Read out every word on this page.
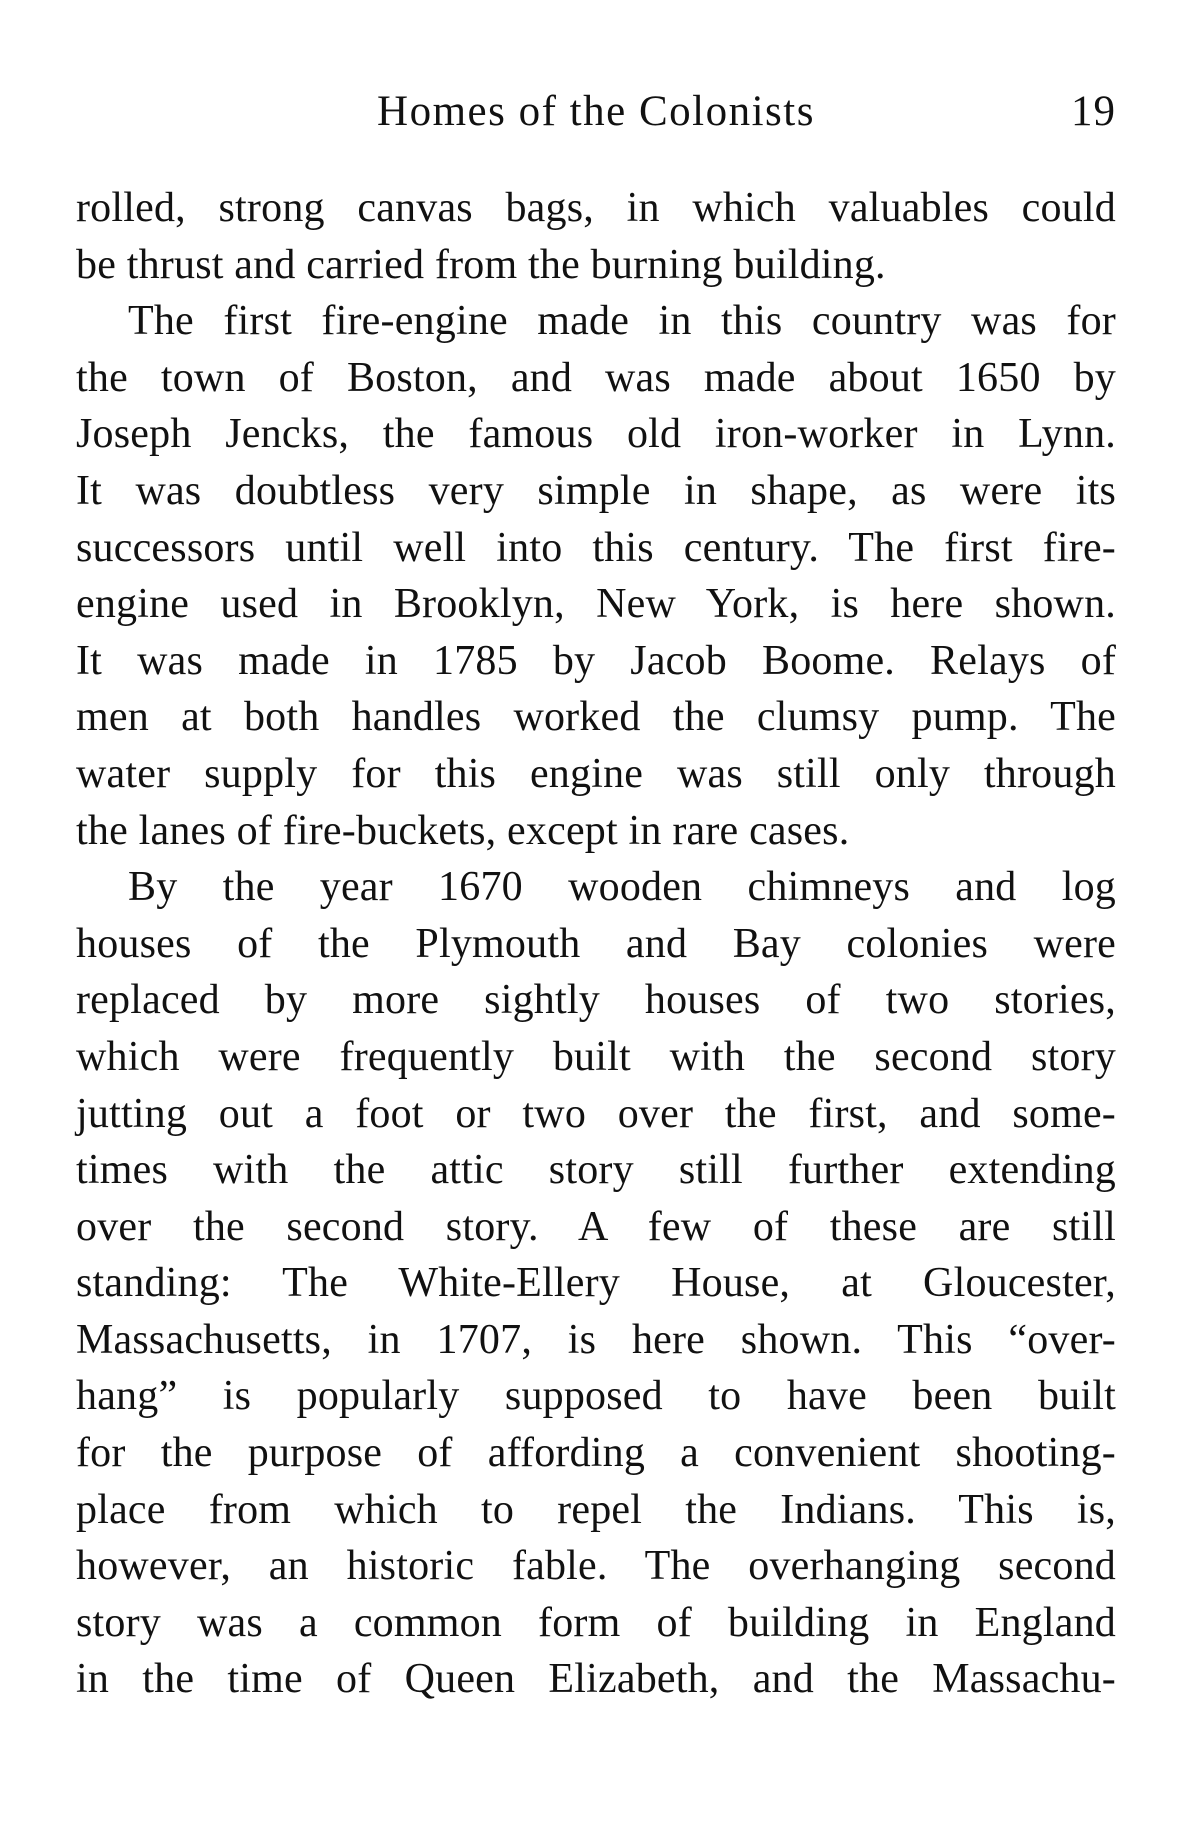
Homes of the Colonists	19
rolled, strong canvas bags, in which valuables could
be thrust and carried from the burning building.
The first fire-engine made in this country was for
the town of Boston, and was made about 1650 by
Joseph Jencks, the famous old iron-worker in Lynn.
It was doubtless very simple in shape, as were its
successors until well into this century. The first fire-
engine used in Brooklyn, New York, is here shown.
It was made in 1785 by Jacob Boome. Relays of
men at both handles worked the clumsy pump. The
water supply for this engine was still only through
the lanes of fire-buckets, except in rare cases.
By the year 1670 wooden chimneys and log
houses of the Plymouth and Bay colonies were
replaced by more sightly houses of two stories,
which were frequently built with the second story
jutting out a foot or two over the first, and some-
times with the attic story still further extending
over the second story. A few of these are still
standing: The White-Ellery House, at Gloucester,
Massachusetts, in 1707, is here shown. This “over-
hang” is popularly supposed to have been built
for the purpose of affording a convenient shooting-
place from which to repel the Indians. This is,
however, an historic fable. The overhanging second
story was a common form of building in England
in the time of Queen Elizabeth, and the Massachu-
